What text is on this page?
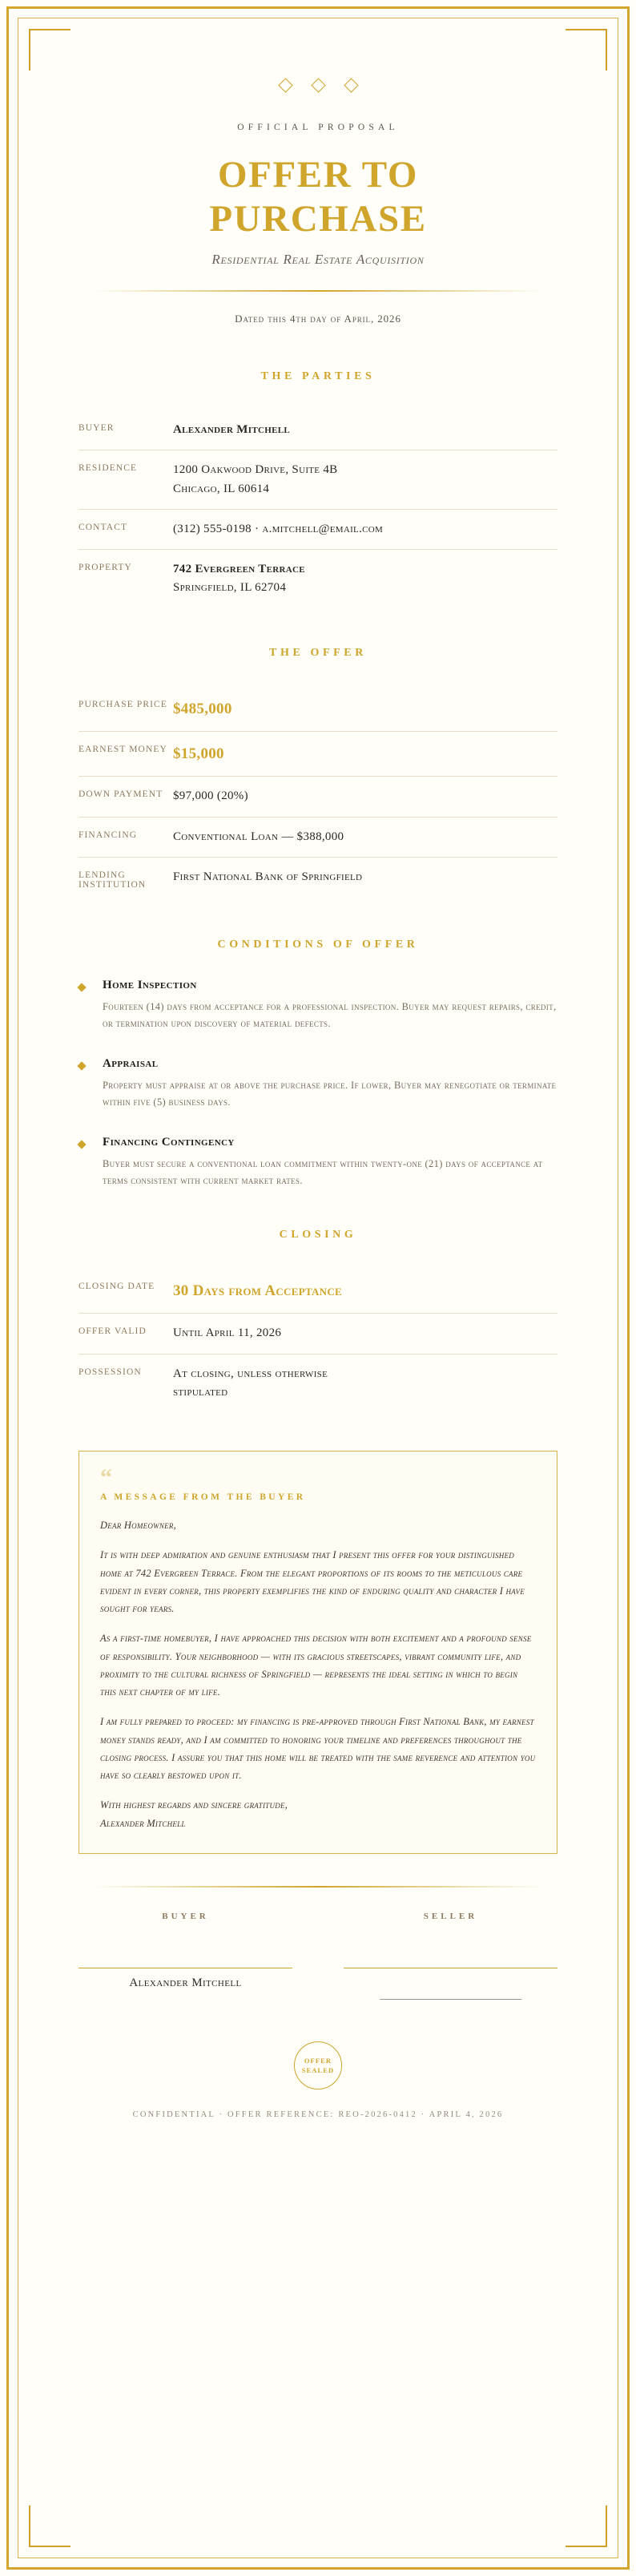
OFFICIAL PROPOSAL
OFFER TO
PURCHASE
Residential Real Estate Acquisition
Dated this 4th day of April, 2026
THE PARTIES
BUYER	Alexander Mitchell
RESIDENCE	1200 Oakwood Drive, Suite 4B
Chicago, IL 60614
CONTACT	(312) 555-0198 · a.mitchell@email.com
PROPERTY	742 Evergreen Terrace
Springfield, IL 62704
THE OFFER
PURCHASE PRICE $485,000
EARNEST MONEY $15,000
DOWN PAYMENT $97,000 (20%)
FINANCING	Conventional Loan — $388,000
LENDING INSTITUTION
First National Bank of Springfield
CONDITIONS OF OFFER
Home Inspection
Fourteen (14) days from acceptance for a professional inspection. Buyer may request repairs, credit, or termination upon discovery of material defects.
Appraisal
Property must appraise at or above the purchase price. If lower, Buyer may renegotiate or terminate within five (5) business days.
Financing Contingency
Buyer must secure a conventional loan commitment within twenty-one (21) days of acceptance at terms consistent with current market rates.
CLOSING
CLOSING DATE	30 Days from Acceptance
OFFER VALID	Until April 11, 2026
POSSESSION	At closing, unless otherwise
stipulated
“
A MESSAGE FROM THE BUYER

Dear Homeowner,

It is with deep admiration and genuine enthusiasm that I present this offer for your distinguished home at 742 Evergreen Terrace. From the elegant proportions of its rooms to the meticulous care evident in every corner, this property exemplifies the kind of enduring quality and character I have sought for years.

As a first-time homebuyer, I have approached this decision with both excitement and a profound sense of responsibility. Your neighborhood — with its gracious streetscapes, vibrant community life, and proximity to the cultural richness of Springfield — represents the ideal setting in which to begin this next chapter of my life.

I am fully prepared to proceed: my financing is pre-approved through First National Bank, my earnest money stands ready, and I am committed to honoring your timeline and preferences throughout the closing process. I assure you that this home will be treated with the same reverence and attention you have so clearly bestowed upon it.

With highest regards and sincere gratitude,
Alexander Mitchell

BUYER
Alexander Mitchell
SELLER
OFFER
SEALED
CONFIDENTIAL · OFFER REFERENCE: REO-2026-0412 · APRIL 4, 2026
